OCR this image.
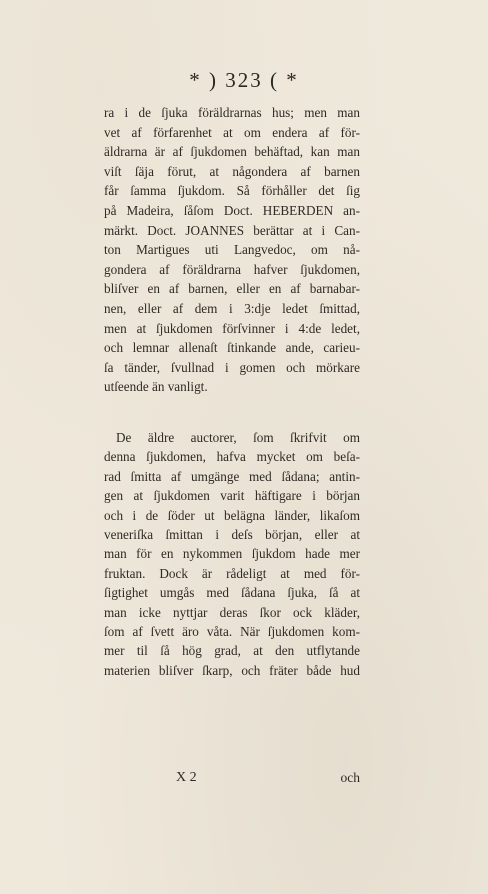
* ) 323 ( *
ra i de ſjuka föräldrarnas hus; men man
vet af förfarenhet at om endera af för-
äldrarna är af ſjukdomen behäftad, kan man
viſt ſäja förut, at någondera af barnen
får ſamma ſjukdom. Så förhåller det ſig
på Madeira, ſåſom Doct. HEBERDEN an-
märkt. Doct. JOANNES berättar at i Can-
ton Martigues uti Langvedoc, om nå-
gondera af föräldrarna hafver ſjukdomen,
bliſver en af barnen, eller en af barnabar-
nen, eller af dem i 3:dje ledet ſmittad,
men at ſjukdomen förſvinner i 4:de ledet,
och lemnar allenaſt ſtinkande ande, carieu-
ſa tänder, ſvullnad i gomen och mörkare
utſeende än vanligt.
De äldre auctorer, ſom ſkrifvit om
denna ſjukdomen, hafva mycket om beſa-
rad ſmitta af umgänge med ſådana; antin-
gen at ſjukdomen varit häftigare i början
och i de ſöder ut belägna länder, likaſom
veneriſka ſmittan i deſs början, eller at
man för en nykommen ſjukdom hade mer
fruktan. Dock är rådeligt at med för-
ſigtighet umgås med ſådana ſjuka, ſå at
man icke nyttjar deras ſkor ock kläder,
ſom af ſvett äro våta. När ſjukdomen kom-
mer til ſå hög grad, at den utflytande
materien bliſver ſkarp, och fräter både hud
X 2	och
